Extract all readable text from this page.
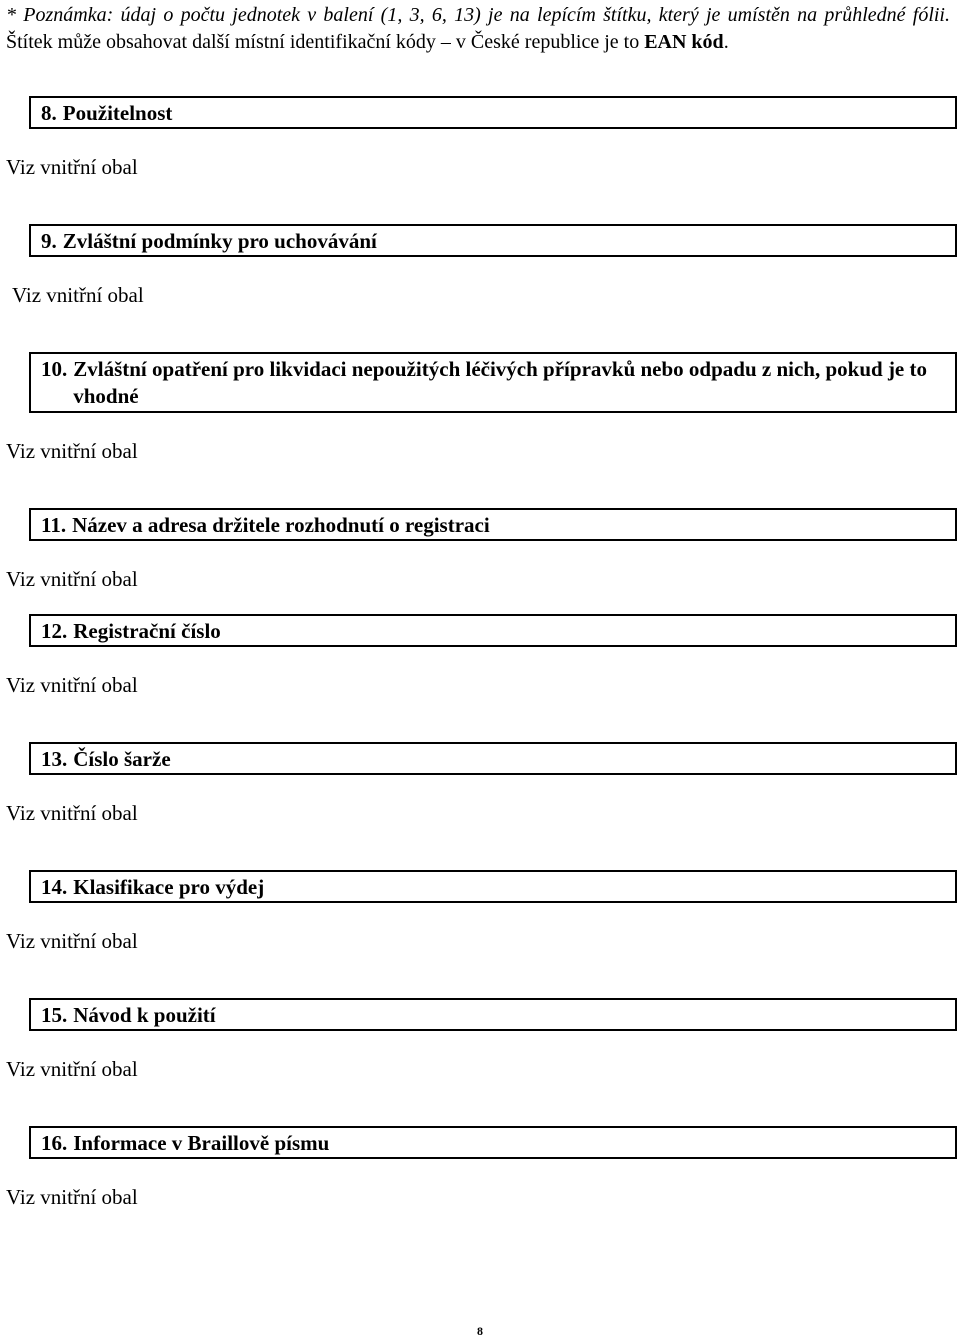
* Poznámka: údaj o počtu jednotek v balení (1, 3, 6, 13) je na lepícím štítku, který je umístěn na průhledné fólii. Štítek může obsahovat další místní identifikační kódy – v České republice je to EAN kód.
8. Použitelnost
Viz vnitřní obal
9. Zvláštní podmínky pro uchovávání
Viz vnitřní obal
10. Zvláštní opatření pro likvidaci nepoužitých léčivých přípravků nebo odpadu z nich, pokud je to vhodné
Viz vnitřní obal
11. Název a adresa držitele rozhodnutí o registraci
Viz vnitřní obal
12. Registrační číslo
Viz vnitřní obal
13. Číslo šarže
Viz vnitřní obal
14. Klasifikace pro výdej
Viz vnitřní obal
15. Návod k použití
Viz vnitřní obal
16. Informace v Braillově písmu
Viz vnitřní obal
8
